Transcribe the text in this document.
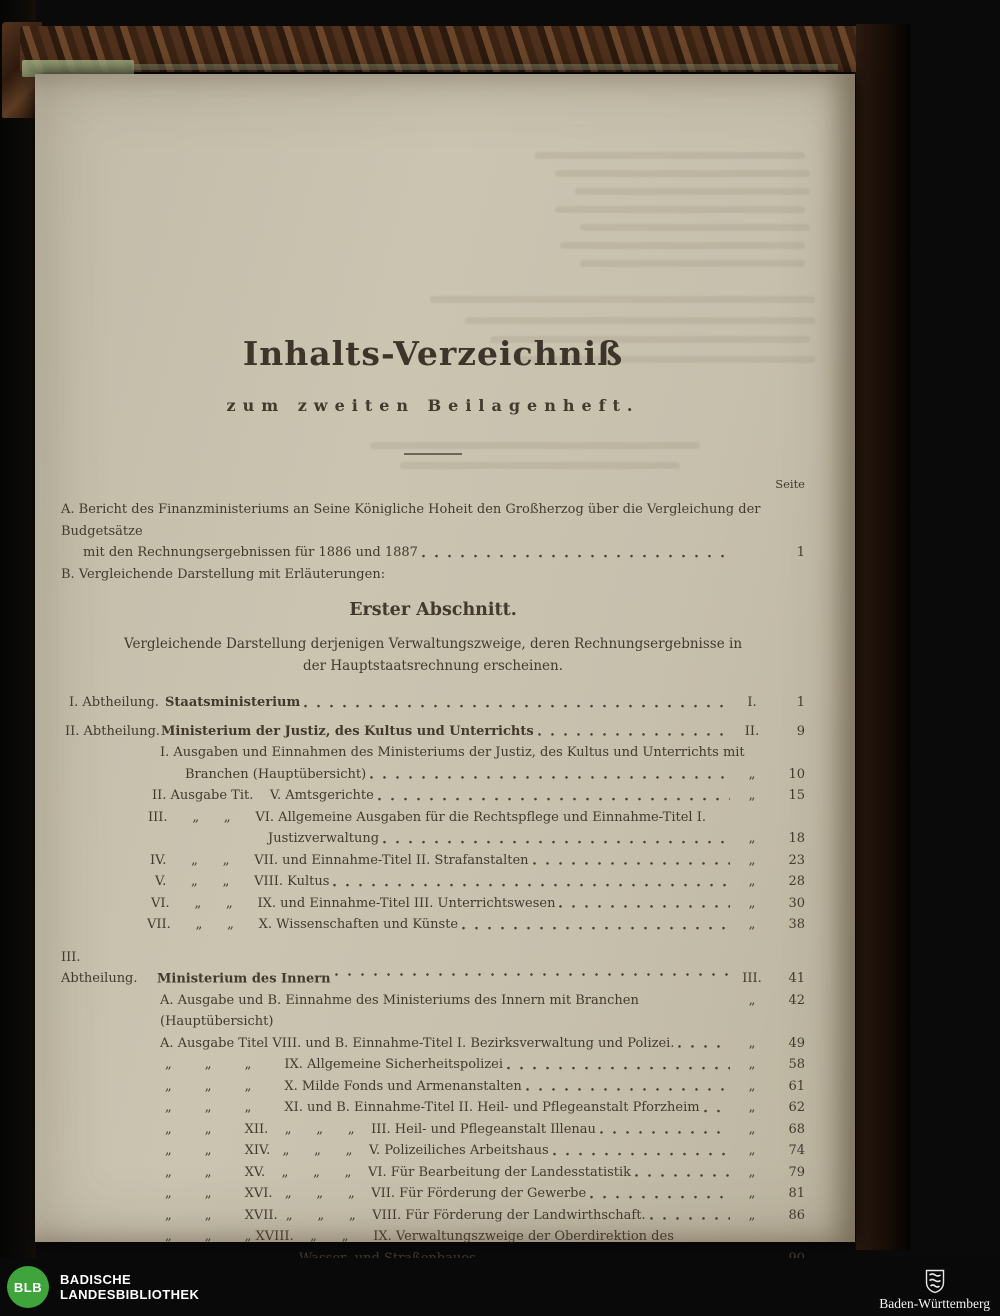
Inhalts-Verzeichniß
zum zweiten Beilagenheft.
Seite
A. Bericht des Finanzministeriums an Seine Königliche Hoheit den Großherzog über die Vergleichung der Budgetsätze
mit den Rechnungsergebnissen für 1886 und 1887	1
B. Vergleichende Darstellung mit Erläuterungen:
Erster Abschnitt.
Vergleichende Darstellung derjenigen Verwaltungszweige, deren Rechnungsergebnisse in der Hauptstaatsrechnung erscheinen.
I. Abtheilung. Staatsministerium	I.	1
II. Abtheilung.Ministerium der Justiz, des Kultus und Unterrichts	II.	9
I. Ausgaben und Einnahmen des Ministeriums der Justiz, des Kultus und Unterrichts mit
Branchen (Hauptübersicht)	„	10
II. Ausgabe Tit.    V. Amtsgerichte	„	15
III.      „      „      VI. Allgemeine Ausgaben für die Rechtspflege und Einnahme-Titel I.
Justizverwaltung	„	18
IV.      „      „      VII. und Einnahme-Titel II. Strafanstalten	„	23
V.      „      „      VIII. Kultus	„	28
VI.      „      „      IX. und Einnahme-Titel III. Unterrichtswesen	„	30
VII.      „      „      X. Wissenschaften und Künste	„	38
III. Abtheilung. Ministerium des Innern	III.	41
A. Ausgabe und B. Einnahme des Ministeriums des Innern mit Branchen (Hauptübersicht)
„	42
A. Ausgabe Titel VIII. und B. Einnahme-Titel I. Bezirksverwaltung und Polizei.	„	49
„        „        „        IX. Allgemeine Sicherheitspolizei	„	58
„        „        „        X. Milde Fonds und Armenanstalten	„	61
„        „        „        XI. und B. Einnahme-Titel II. Heil- und Pflegeanstalt Pforzheim	„	62
„        „        XII.    „      „      „    III. Heil- und Pflegeanstalt Illenau	„	68
„        „        XIV.   „      „      „    V. Polizeiliches Arbeitshaus	„	74
„        „        XV.    „      „      „    VI. Für Bearbeitung der Landesstatistik	„	79
„        „        XVI.   „      „      „    VII. Für Förderung der Gewerbe	„	81
„        „        XVII.  „      „      „    VIII. Für Förderung der Landwirthschaft.	„	86
„        „        „ XVIII.    „      „      IX. Verwaltungszweige der Oberdirektion des
BLB
BADISCHE
LANDESBIBLIOTHEK
Baden-Württemberg
